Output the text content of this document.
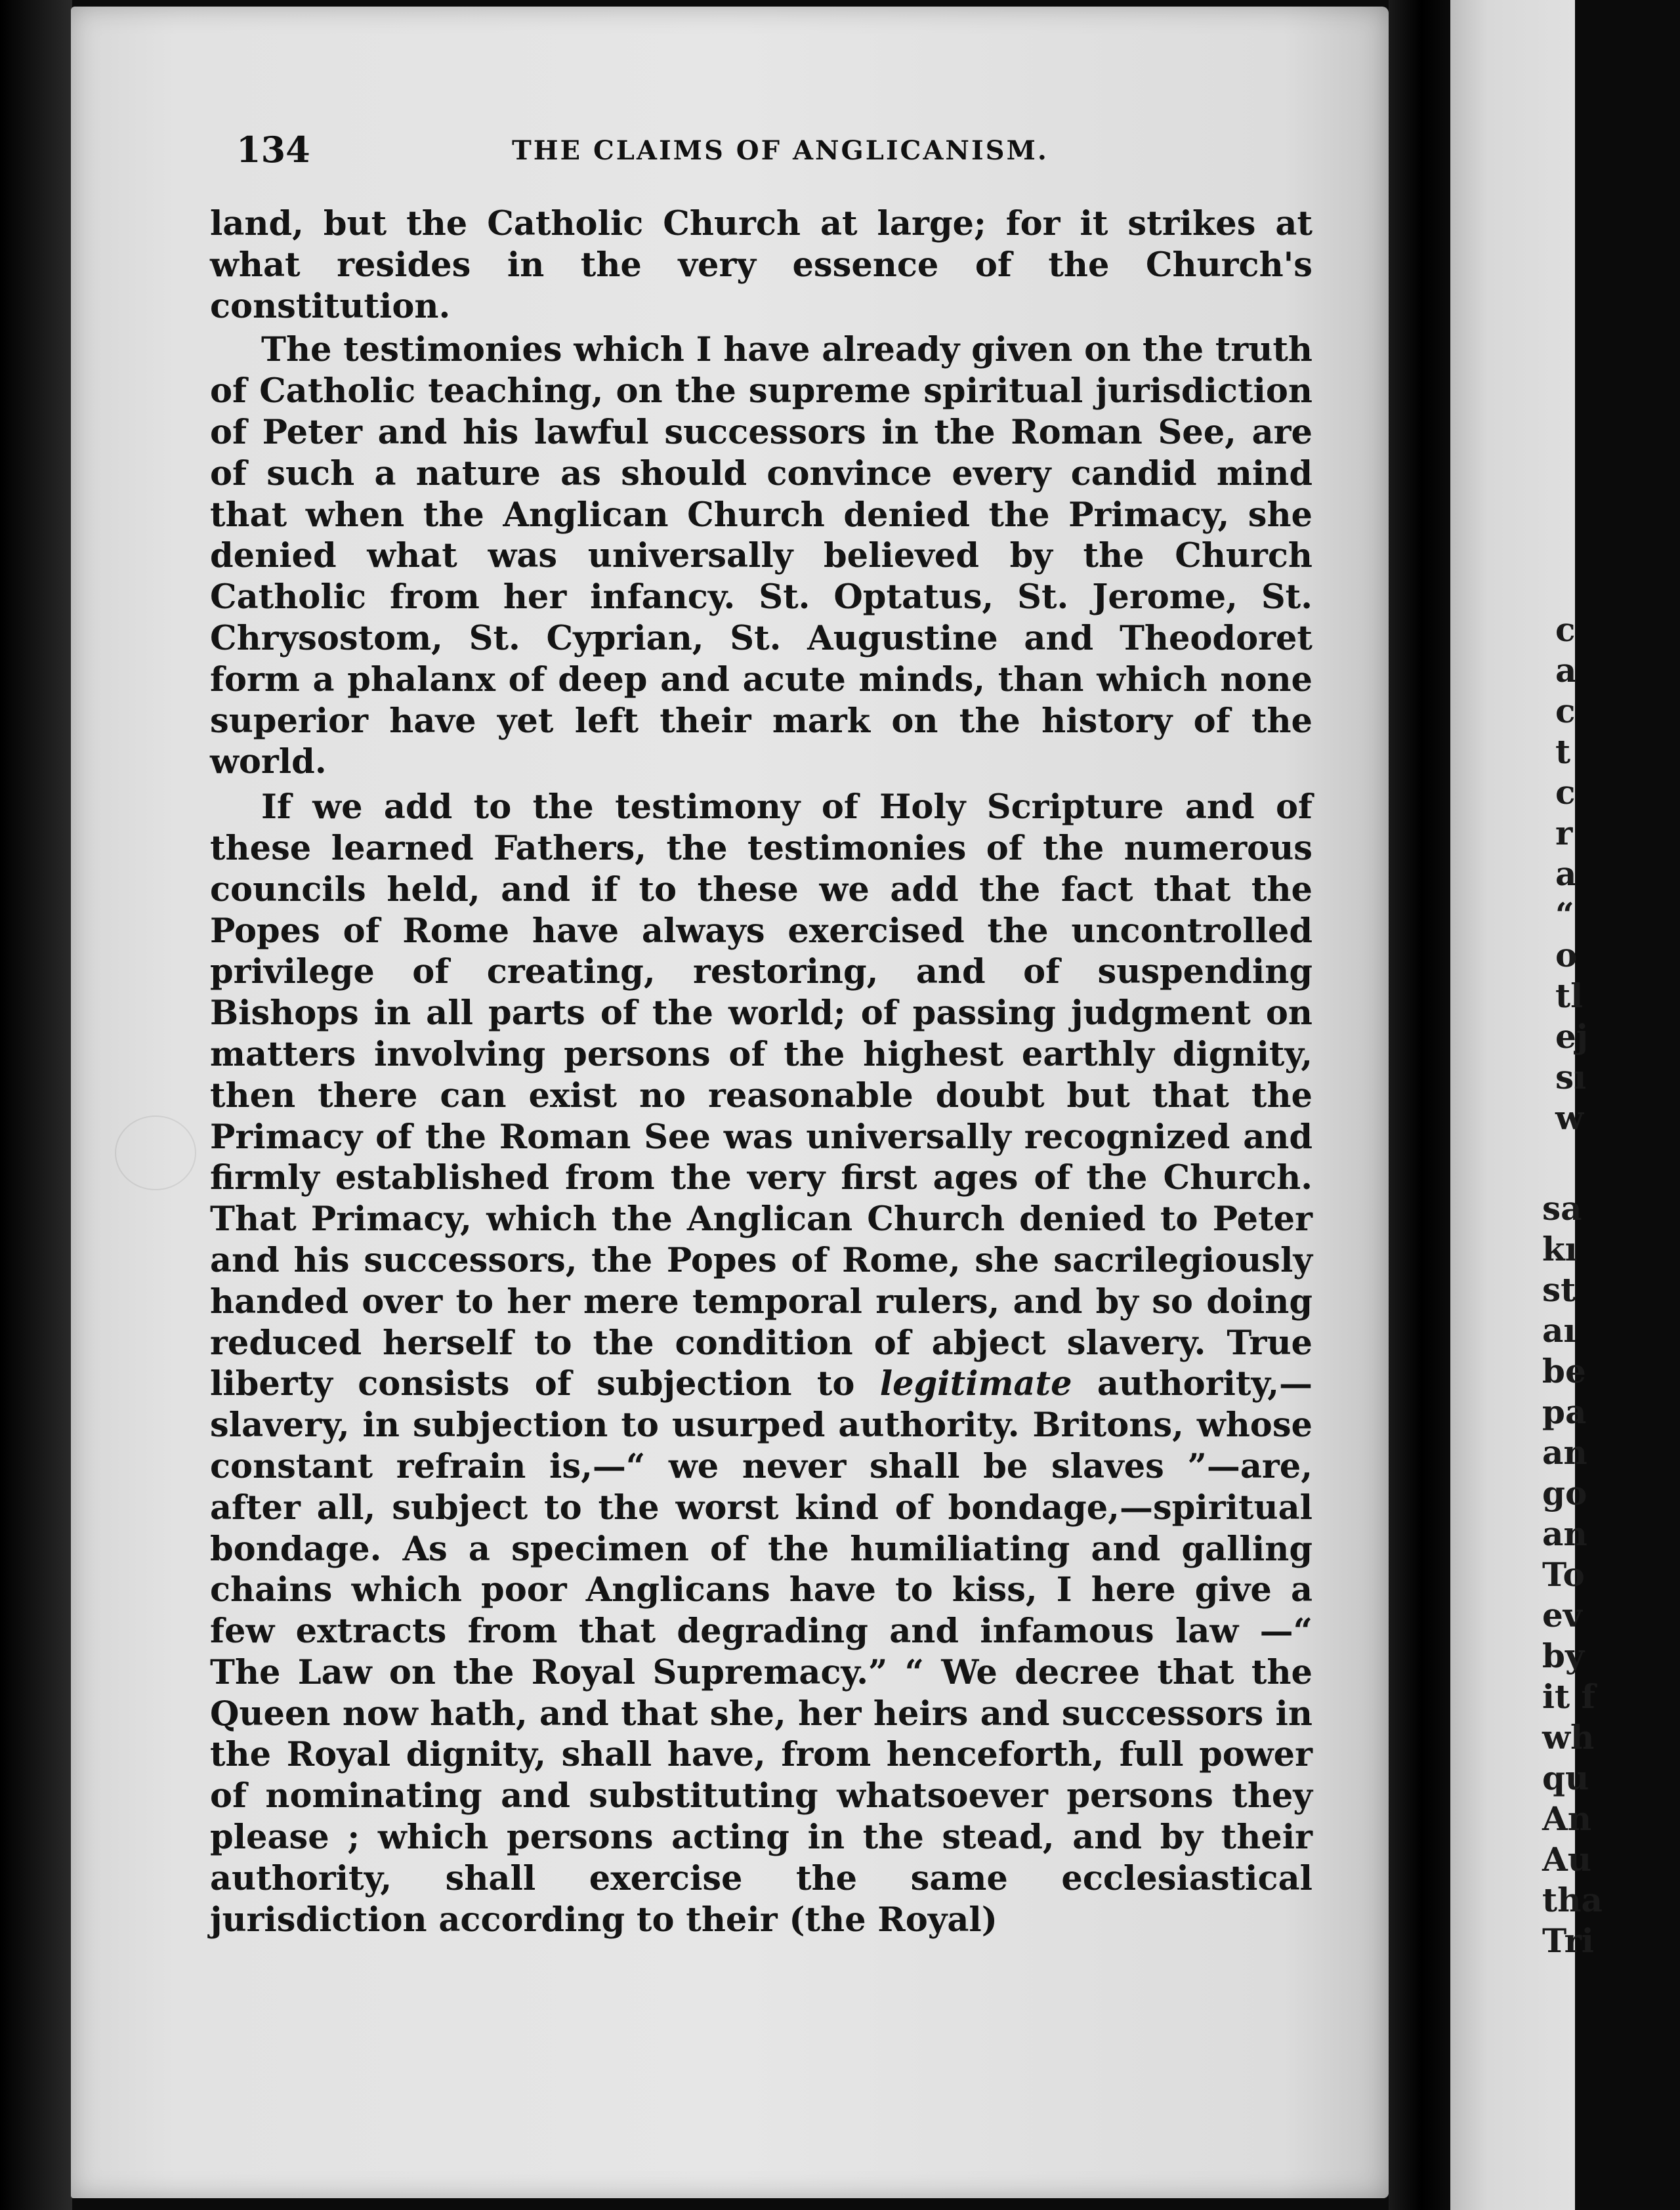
134	THE CLAIMS OF ANGLICANISM.

land, but the Catholic Church at large; for it strikes at what resides in the very essence of the Church's constitution.

The testimonies which I have already given on the truth of Catholic teaching, on the supreme spiritual jurisdiction of Peter and his lawful successors in the Roman See, are of such a nature as should convince every candid mind that when the Anglican Church denied the Primacy, she denied what was universally believed by the Church Catholic from her infancy. St. Optatus, St. Jerome, St. Chrysostom, St. Cyprian, St. Augustine and Theodoret form a phalanx of deep and acute minds, than which none superior have yet left their mark on the history of the world.

If we add to the testimony of Holy Scripture and of these learned Fathers, the testimonies of the numerous councils held, and if to these we add the fact that the Popes of Rome have always exercised the uncontrolled privilege of creating, restoring, and of suspending Bishops in all parts of the world; of passing judgment on matters involving persons of the highest earthly dignity, then there can exist no reasonable doubt but that the Primacy of the Roman See was universally recognized and firmly established from the very first ages of the Church. That Primacy, which the Anglican Church denied to Peter and his successors, the Popes of Rome, she sacrilegiously handed over to her mere temporal rulers, and by so doing reduced herself to the condition of abject slavery. True liberty consists of subjection to legitimate authority,—slavery, in subjection to usurped authority. Britons, whose constant refrain is,—“ we never shall be slaves ”—are, after all, subject to the worst kind of bondage,—spiritual bondage. As a specimen of the humiliating and galling chains which poor Anglicans have to kiss, I here give a few extracts from that degrading and infamous law —“ The Law on the Royal Supremacy.” “ We decree that the Queen now hath, and that she, her heirs and successors in the Royal dignity, shall have, from henceforth, full power of nominating and substituting whatsoever persons they please ; which persons acting in the stead, and by their authority, shall exercise the same ecclesiastical jurisdiction according to their (the Royal)

c
a
c
t
c
r
a
“
o
tl
ej
sı
w
sa
kı
st
aı
be
pa
an
go
an
To
ev
by
it f
wh
qu
An
Au
tha
Tri
